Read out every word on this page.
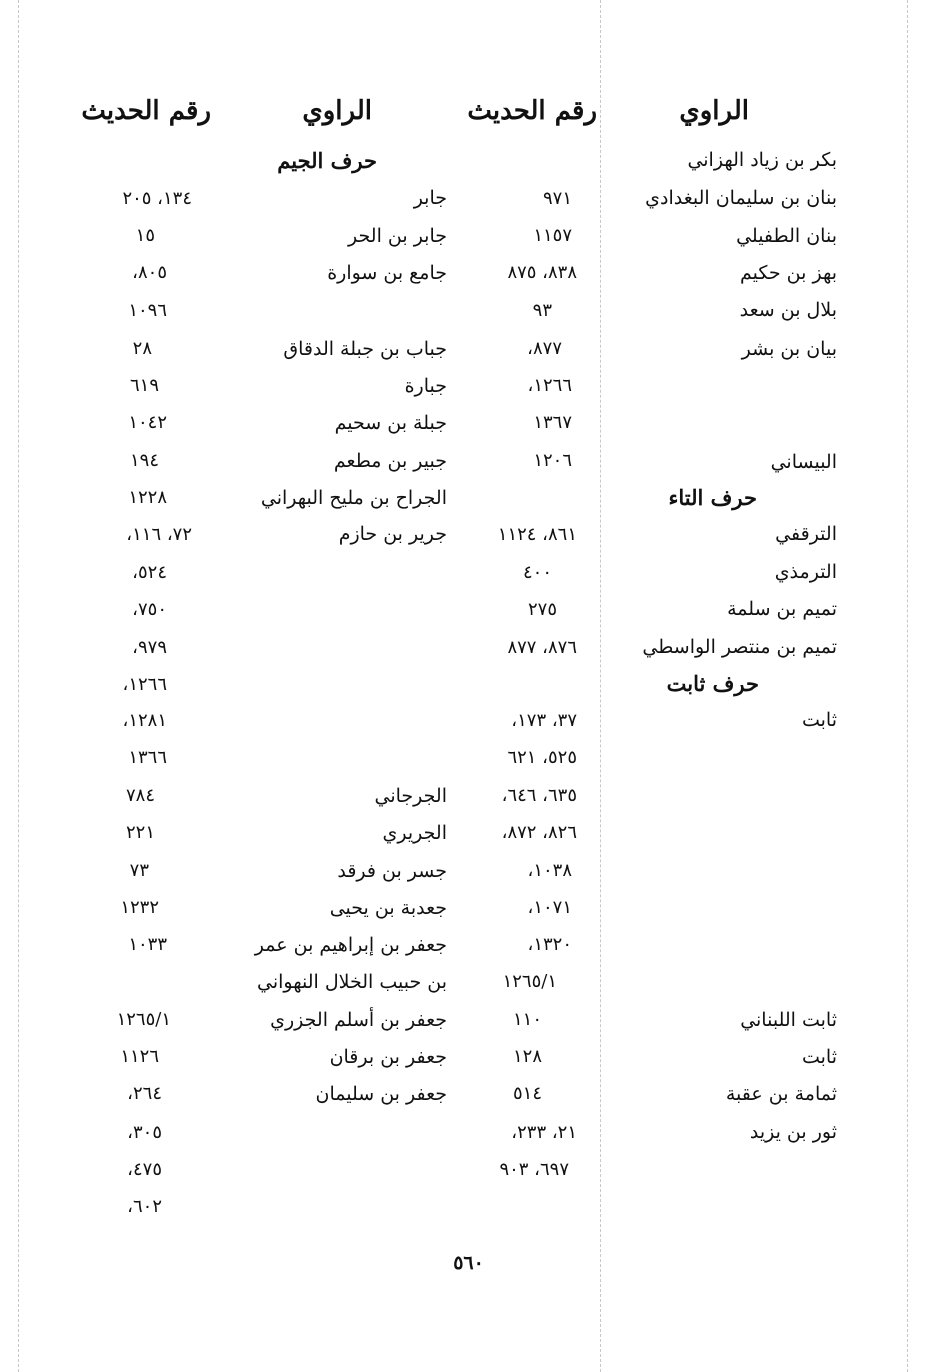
الراوي
رقم الحديث
الراوي
رقم الحديث
بكر بن زياد الهزاني
بنان بن سليمان البغدادي
بنان الطفيلي
بهز بن حكيم
بلال بن سعد
بيان بن بشر
البيساني
حرف التاء
الترقفي
الترمذي
تميم بن سلمة
تميم بن منتصر الواسطي
حرف ثابت
ثابت
ثابت اللبناني
ثابت
ثمامة بن عقبة
ثور بن يزيد
٩٧١
١١٥٧
٨٣٨، ٨٧٥
٩٣
٨٧٧،
١٢٦٦،
١٣٦٧
١٢٠٦
٨٦١، ١١٢٤
٤٠٠
٢٧٥
٨٧٦، ٨٧٧
٣٧، ١٧٣،
٥٢٥، ٦٢١
٦٣٥، ٦٤٦،
٨٢٦، ٨٧٢،
١٠٣٨،
١٠٧١،
١٣٢٠،
١٢٦٥/١
١١٠
١٢٨
٥١٤
٢١، ٢٣٣،
٦٩٧، ٩٠٣
حرف الجيم
جابر
جابر بن الحر
جامع بن سوارة
جباب بن جبلة الدقاق
جبارة
جبلة بن سحيم
جبير بن مطعم
الجراح بن مليح البهراني
جرير بن حازم
الجرجاني
الجريري
جسر بن فرقد
جعدبة بن يحيى
جعفر بن إبراهيم بن عمر
بن حبيب الخلال النهواني
جعفر بن أسلم الجزري
جعفر بن برقان
جعفر بن سليمان
١٣٤، ٢٠٥
١٥
٨٠٥،
١٠٩٦
٢٨
٦١٩
١٠٤٢
١٩٤
١٢٢٨
٧٢، ١١٦،
٥٢٤،
٧٥٠،
٩٧٩،
١٢٦٦،
١٢٨١،
١٣٦٦
٧٨٤
٢٢١
٧٣
١٢٣٢
١٠٣٣
١٢٦٥/١
١١٢٦
٢٦٤،
٣٠٥،
٤٧٥،
٦٠٢،
٥٦٠
